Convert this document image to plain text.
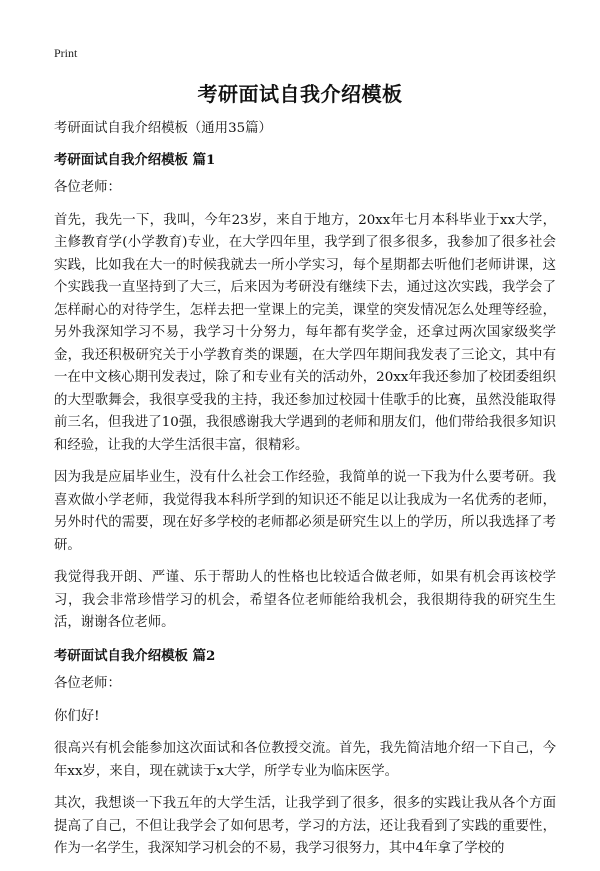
Print
考研面试自我介绍模板

考研面试自我介绍模板（通用35篇）

考研面试自我介绍模板 篇1

各位老师：

首先，我先一下，我叫，今年23岁，来自于地方，20xx年七月本科毕业于xx大学，主修教育学(小学教育)专业，在大学四年里，我学到了很多很多，我参加了很多社会实践，比如我在大一的时候我就去一所小学实习，每个星期都去听他们老师讲课，这个实践我一直坚持到了大三，后来因为考研没有继续下去，通过这次实践，我学会了怎样耐心的对待学生，怎样去把一堂课上的完美，课堂的突发情况怎么处理等经验，另外我深知学习不易，我学习十分努力，每年都有奖学金，还拿过两次国家级奖学金，我还积极研究关于小学教育类的课题，在大学四年期间我发表了三论文，其中有一在中文核心期刊发表过，除了和专业有关的活动外，20xx年我还参加了校团委组织的大型歌舞会，我很享受我的主持，我还参加过校园十佳歌手的比赛，虽然没能取得前三名，但我进了10强，我很感谢我大学遇到的老师和朋友们，他们带给我很多知识和经验，让我的大学生活很丰富，很精彩。

因为我是应届毕业生，没有什么社会工作经验，我简单的说一下我为什么要考研。我喜欢做小学老师，我觉得我本科所学到的知识还不能足以让我成为一名优秀的老师，另外时代的需要，现在好多学校的老师都必须是研究生以上的学历，所以我选择了考研。

我觉得我开朗、严谨、乐于帮助人的性格也比较适合做老师，如果有机会再该校学习，我会非常珍惜学习的机会，希望各位老师能给我机会，我很期待我的研究生生活，谢谢各位老师。

考研面试自我介绍模板 篇2

各位老师：

你们好!

很高兴有机会能参加这次面试和各位教授交流。首先，我先简洁地介绍一下自己，今年xx岁，来自，现在就读于x大学，所学专业为临床医学。

其次，我想谈一下我五年的大学生活，让我学到了很多，很多的实践让我从各个方面提高了自己，不但让我学会了如何思考，学习的方法，还让我看到了实践的重要性，作为一名学生，我深知学习机会的不易，我学习很努力，其中4年拿了学校的
